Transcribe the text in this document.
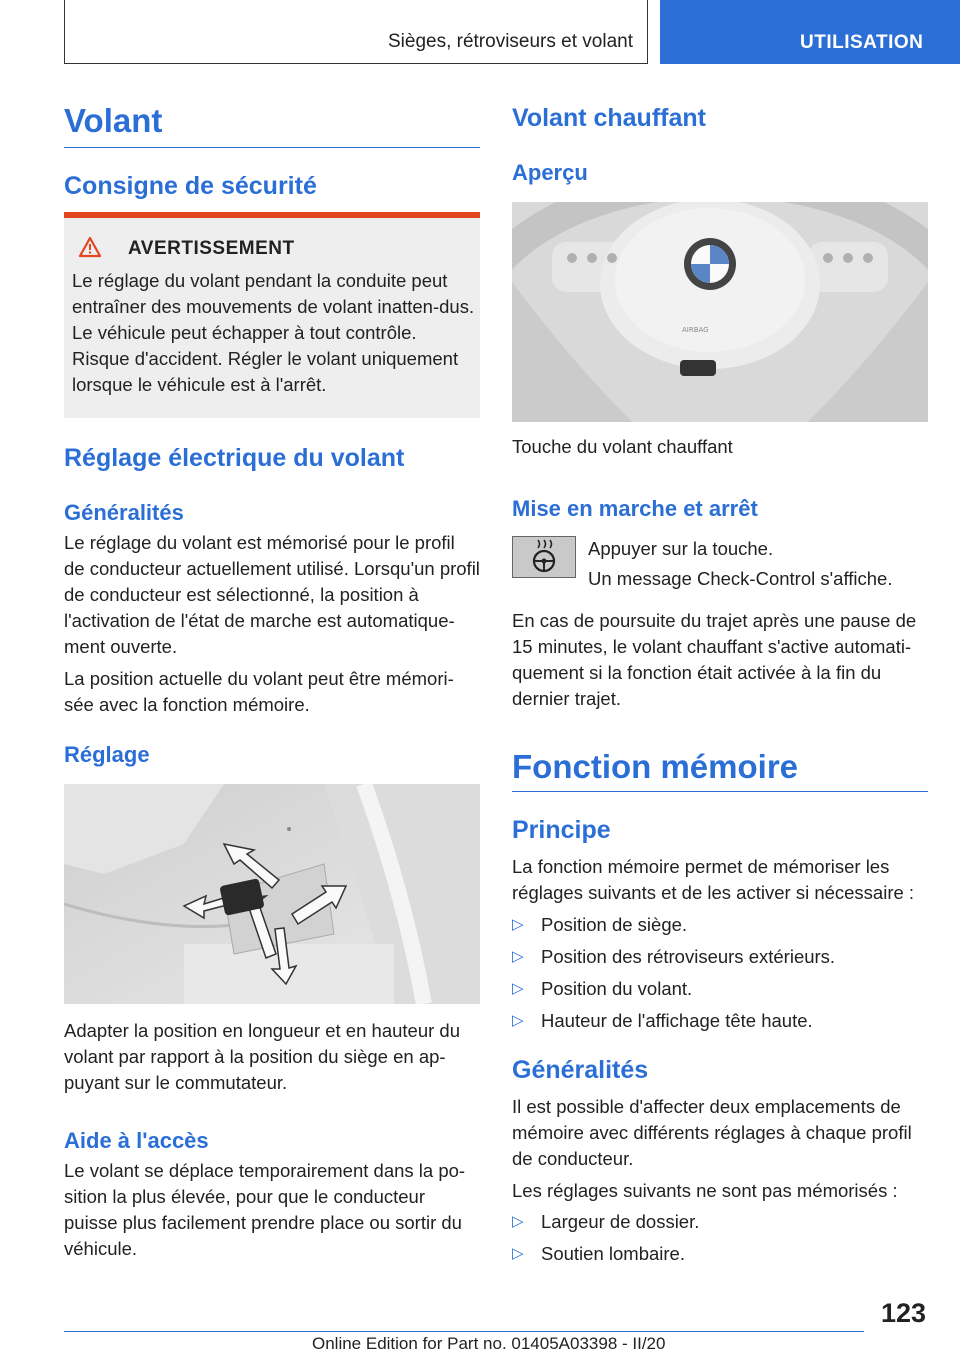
Sièges, rétroviseurs et volant	UTILISATION
Volant
Consigne de sécurité
AVERTISSEMENT

Le réglage du volant pendant la conduite peut entraîner des mouvements de volant inatten-dus. Le véhicule peut échapper à tout contrôle. Risque d'accident. Régler le volant uniquement lorsque le véhicule est à l'arrêt.

Réglage électrique du volant
Généralités

Le réglage du volant est mémorisé pour le profil de conducteur actuellement utilisé. Lorsqu'un profil de conducteur est sélectionné, la position à l'activation de l'état de marche est automatique-ment ouverte.

La position actuelle du volant peut être mémori-sée avec la fonction mémoire.

Réglage

Adapter la position en longueur et en hauteur du volant par rapport à la position du siège en ap-puyant sur le commutateur.

Aide à l'accès

Le volant se déplace temporairement dans la po-sition la plus élevée, pour que le conducteur puisse plus facilement prendre place ou sortir du véhicule.

Volant chauffant
Aperçu
AIRBAG

Touche du volant chauffant

Mise en marche et arrêt

Appuyer sur la touche.

Un message Check-Control s'affiche.

En cas de poursuite du trajet après une pause de 15 minutes, le volant chauffant s'active automati-quement si la fonction était activée à la fin du dernier trajet.

Fonction mémoire
Principe

La fonction mémoire permet de mémoriser les réglages suivants et de les activer si nécessaire :

▷ Position de siège.
▷ Position des rétroviseurs extérieurs.
▷ Position du volant.
▷ Hauteur de l'affichage tête haute.
Généralités

Il est possible d'affecter deux emplacements de mémoire avec différents réglages à chaque profil de conducteur.

Les réglages suivants ne sont pas mémorisés :

▷ Largeur de dossier.
▷ Soutien lombaire.
123
Online Edition for Part no. 01405A03398 - II/20
